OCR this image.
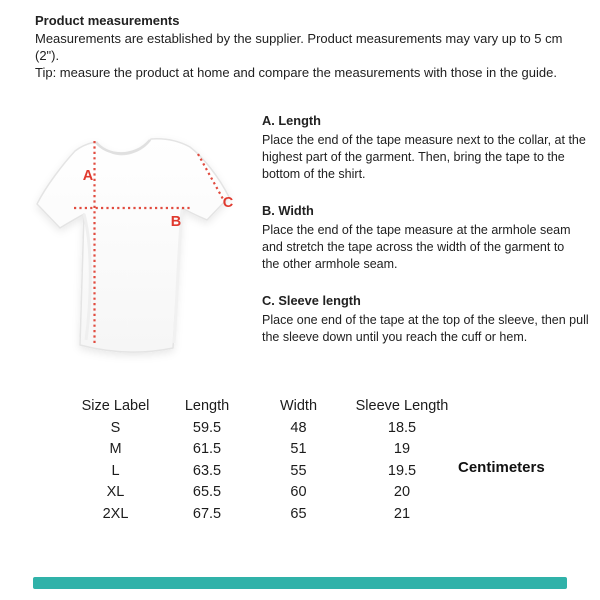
Product measurements
Measurements are established by the supplier. Product measurements may vary up to 5 cm (2").
Tip: measure the product at home and compare the measurements with those in the guide.
A
B
C
A. Length
Place the end of the tape measure next to the collar, at the highest part of the garment. Then, bring the tape to the bottom of the shirt.
B. Width
Place the end of the tape measure at the armhole seam and stretch the tape across the width of the garment to the other armhole seam.
C. Sleeve length
Place one end of the tape at the top of the sleeve, then pull the sleeve down until you reach the cuff or hem.
Size Label	Length	Width	Sleeve Length
S	59.5	48	18.5
M	61.5	51	19
L	63.5	55	19.5
XL	65.5	60	20
2XL	67.5	65	21
Centimeters
